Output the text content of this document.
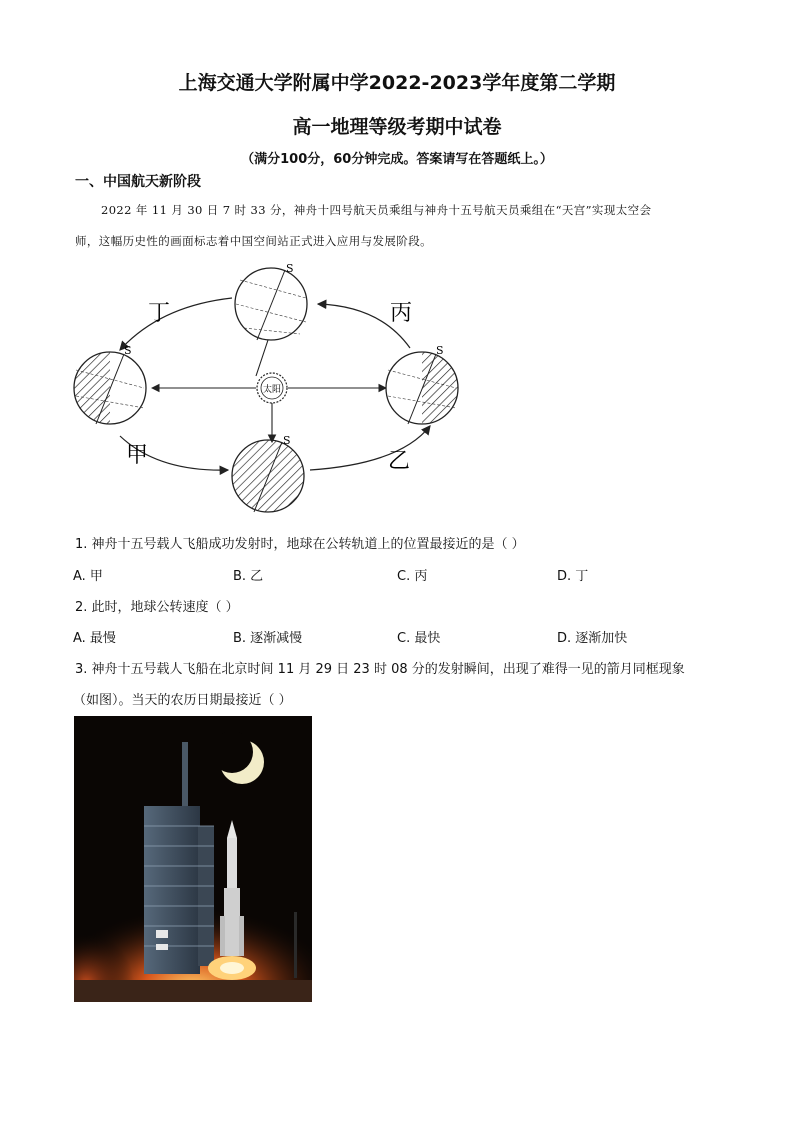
上海交通大学附属中学2022-2023学年度第二学期
高一地理等级考期中试卷
（满分100分，60分钟完成。答案请写在答题纸上。）
一、中国航天新阶段
2022 年 11 月 30 日 7 时 33 分，神舟十四号航天员乘组与神舟十五号航天员乘组在“天宫”实现太空会
师，这幅历史性的画面标志着中国空间站正式进入应用与发展阶段。
太阳
S
S	S
S
丁	丙
甲	乙
1. 神舟十五号载人飞船成功发射时，地球在公转轨道上的位置最接近的是（ ）
A. 甲	B. 乙	C. 丙	D. 丁
2. 此时，地球公转速度（ ）
A. 最慢	B. 逐渐减慢	C. 最快	D. 逐渐加快
3. 神舟十五号载人飞船在北京时间 11 月 29 日 23 时 08 分的发射瞬间，出现了难得一见的箭月同框现象
（如图）。当天的农历日期最接近（ ）
